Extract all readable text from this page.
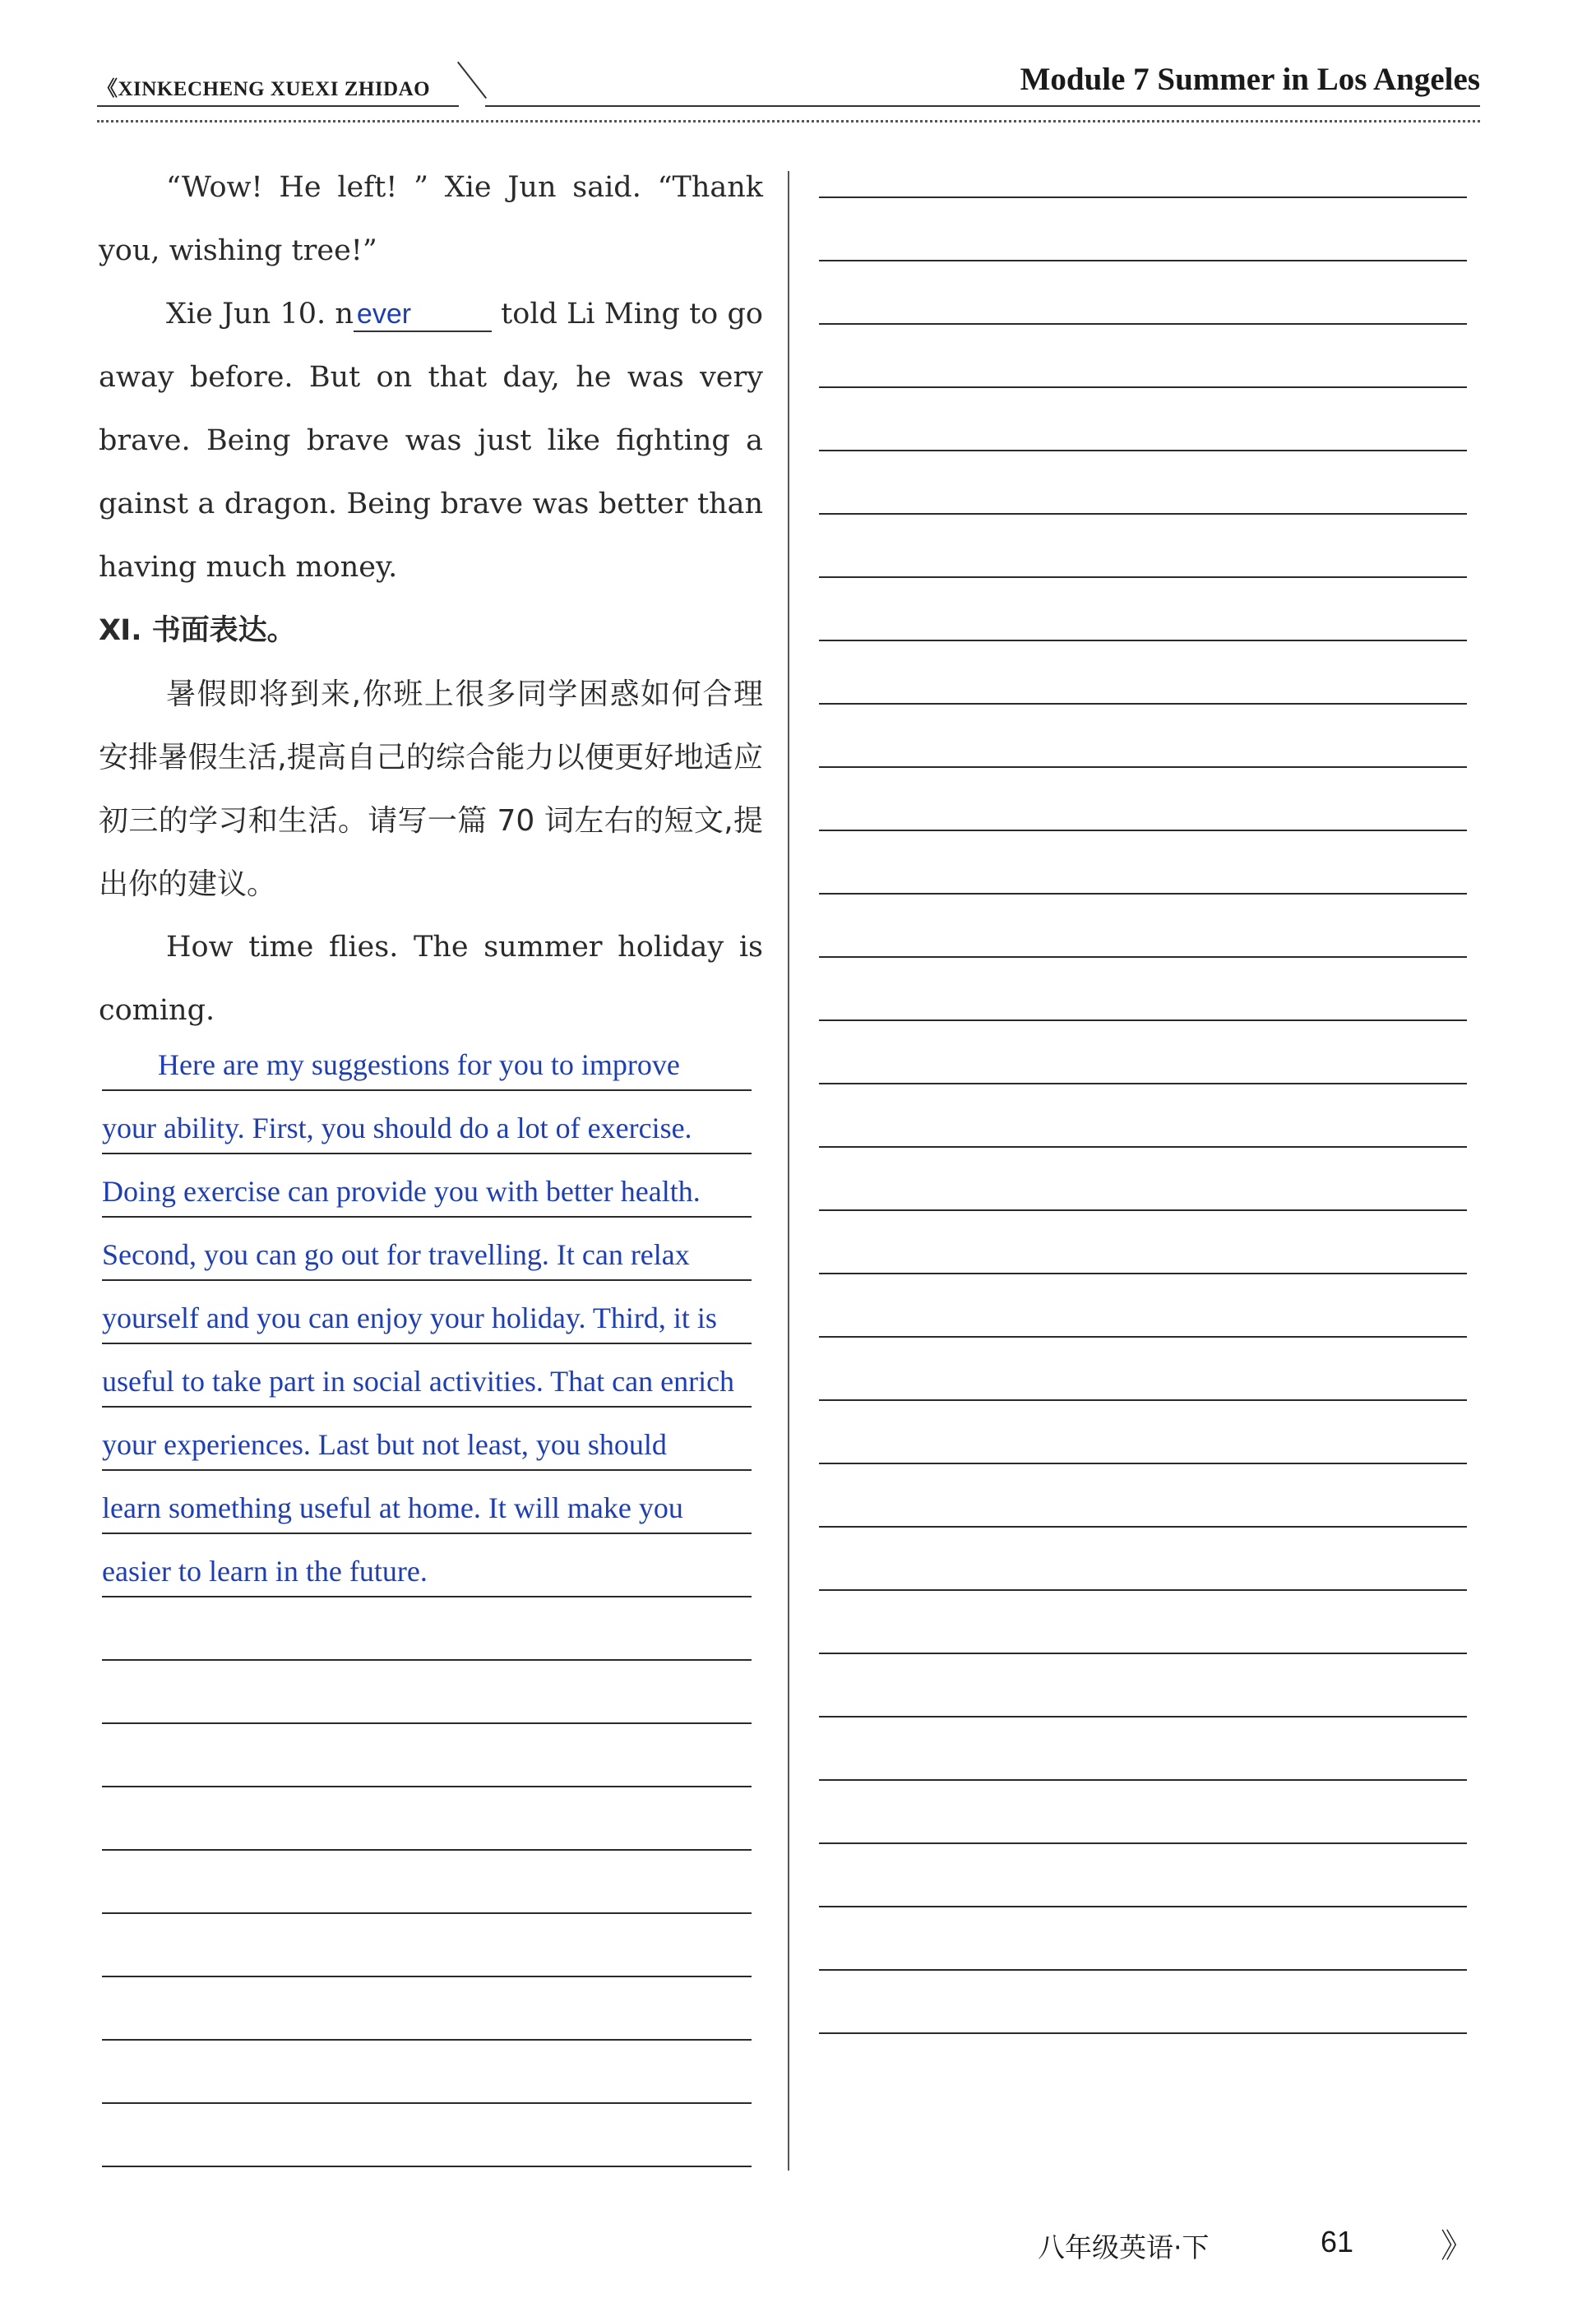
《XINKECHENG XUEXI ZHIDAO	Module 7 Summer in Los Angeles

“Wow! He left! ” Xie Jun said. “Thank you, wishing tree!”

Xie Jun 10. n ever	told Li Ming to go away before. But on that day, he was very brave. Being brave was just like fighting a gainst a dragon. Being brave was better than having much money.

Ⅺ. 书面表达。

暑假即将到来,你班上很多同学困惑如何合理安排暑假生活,提高自己的综合能力以便更好地适应初三的学习和生活。请写一篇 70 词左右的短文,提出你的建议。

How time flies. The summer holiday is coming.

Here are my suggestions for you to improve
your ability. First, you should do a lot of exercise.
Doing exercise can provide you with better health.
Second, you can go out for travelling. It can relax
yourself and you can enjoy your holiday. Third, it is
useful to take part in social activities. That can enrich
your experiences. Last but not least, you should
learn something useful at home. It will make you
easier to learn in the future.
八年级英语·下	61	》
